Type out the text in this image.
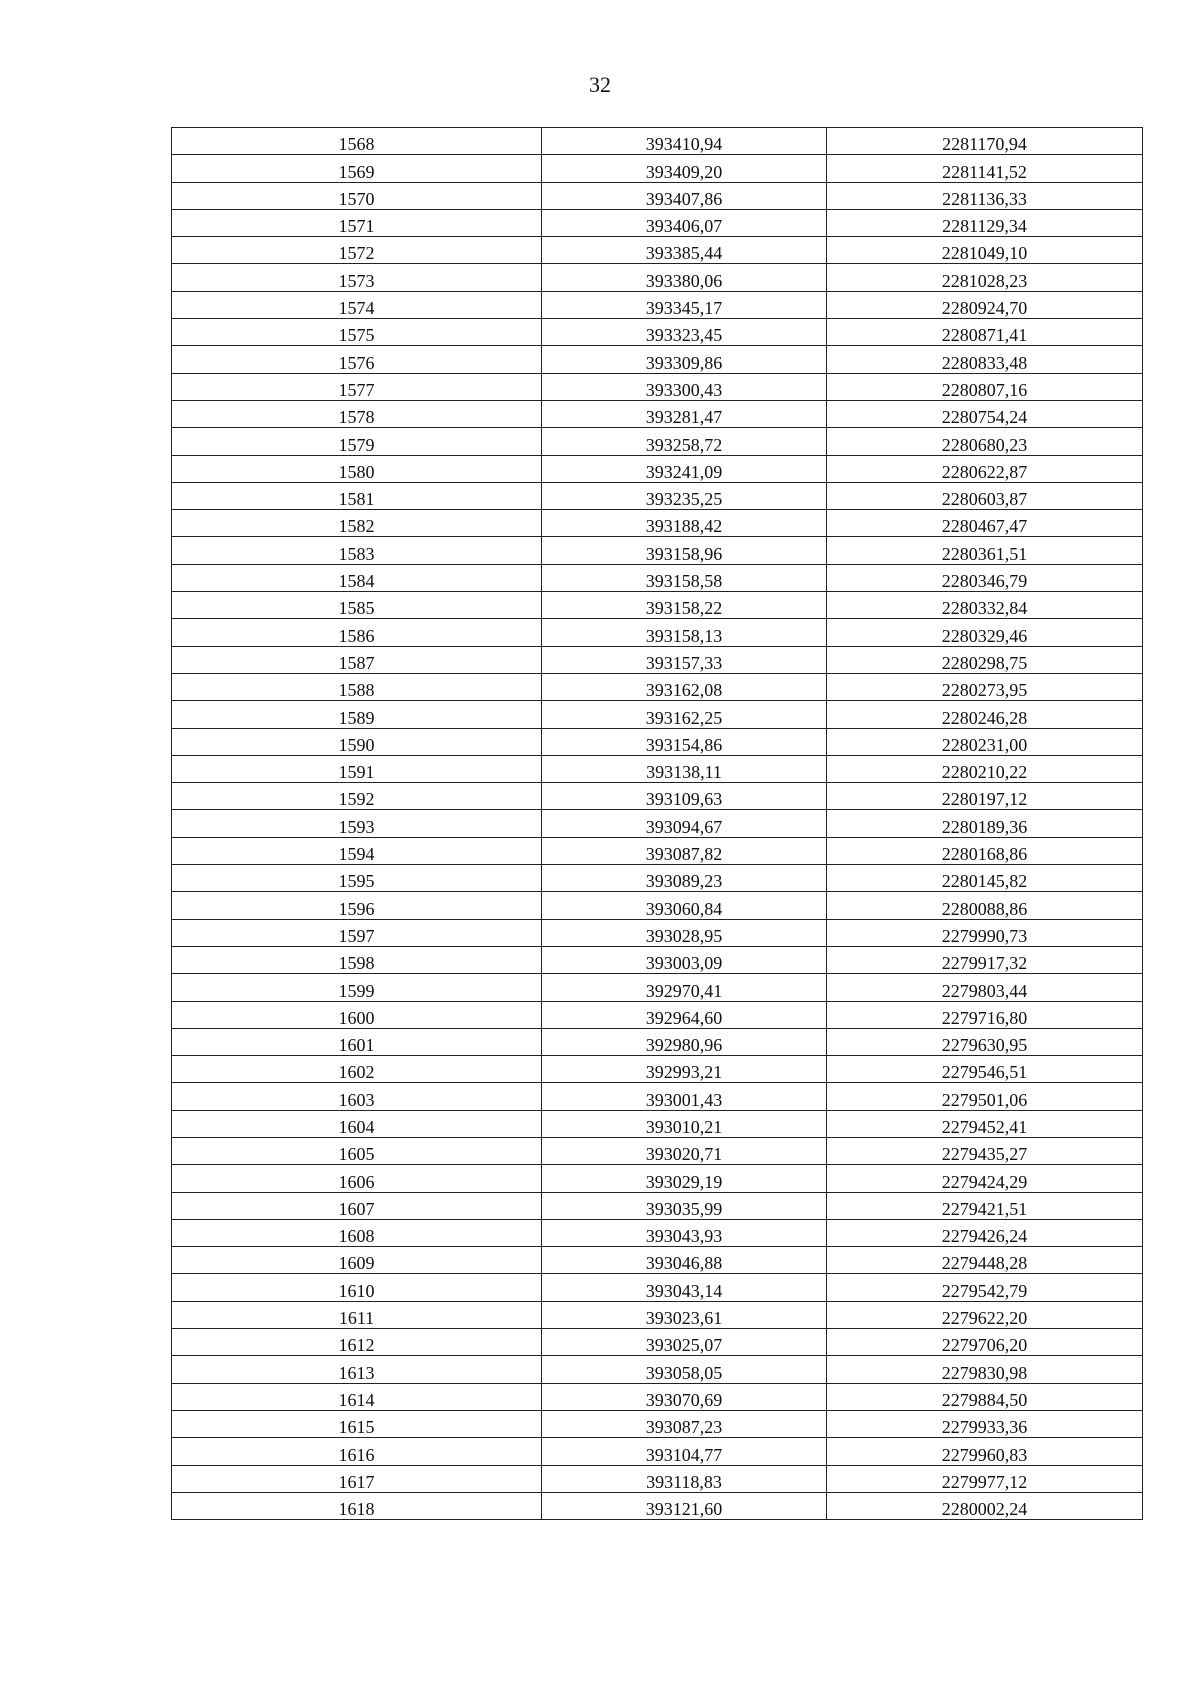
32
1568	393410,94	2281170,94
1569	393409,20	2281141,52
1570	393407,86	2281136,33
1571	393406,07	2281129,34
1572	393385,44	2281049,10
1573	393380,06	2281028,23
1574	393345,17	2280924,70
1575	393323,45	2280871,41
1576	393309,86	2280833,48
1577	393300,43	2280807,16
1578	393281,47	2280754,24
1579	393258,72	2280680,23
1580	393241,09	2280622,87
1581	393235,25	2280603,87
1582	393188,42	2280467,47
1583	393158,96	2280361,51
1584	393158,58	2280346,79
1585	393158,22	2280332,84
1586	393158,13	2280329,46
1587	393157,33	2280298,75
1588	393162,08	2280273,95
1589	393162,25	2280246,28
1590	393154,86	2280231,00
1591	393138,11	2280210,22
1592	393109,63	2280197,12
1593	393094,67	2280189,36
1594	393087,82	2280168,86
1595	393089,23	2280145,82
1596	393060,84	2280088,86
1597	393028,95	2279990,73
1598	393003,09	2279917,32
1599	392970,41	2279803,44
1600	392964,60	2279716,80
1601	392980,96	2279630,95
1602	392993,21	2279546,51
1603	393001,43	2279501,06
1604	393010,21	2279452,41
1605	393020,71	2279435,27
1606	393029,19	2279424,29
1607	393035,99	2279421,51
1608	393043,93	2279426,24
1609	393046,88	2279448,28
1610	393043,14	2279542,79
1611	393023,61	2279622,20
1612	393025,07	2279706,20
1613	393058,05	2279830,98
1614	393070,69	2279884,50
1615	393087,23	2279933,36
1616	393104,77	2279960,83
1617	393118,83	2279977,12
1618	393121,60	2280002,24
